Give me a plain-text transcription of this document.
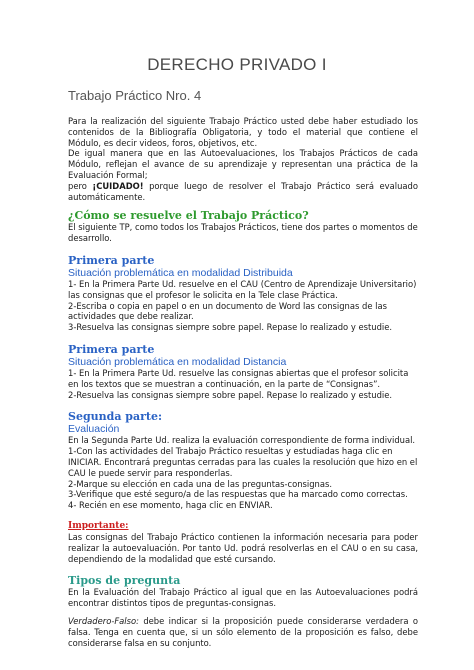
DERECHO PRIVADO I
Trabajo Práctico Nro. 4

Para la realización del siguiente Trabajo Práctico usted debe haber estudiado los contenidos de la Bibliografía Obligatoria, y todo el material que contiene el Módulo, es decir videos, foros, objetivos, etc.

De igual manera que en las Autoevaluaciones, los Trabajos Prácticos de cada Módulo, reflejan el avance de su aprendizaje y representan una práctica de la Evaluación Formal;

pero ¡CUIDADO! porque luego de resolver el Trabajo Práctico será evaluado automáticamente.

¿Cómo se resuelve el Trabajo Práctico?

El siguiente TP, como todos los Trabajos Prácticos, tiene dos partes o momentos de desarrollo.

Primera parte

Situación problemática en modalidad Distribuida

1- En la Primera Parte Ud. resuelve en el CAU (Centro de Aprendizaje Universitario) las consignas que el profesor le solicita en la Tele clase Práctica.

2-Escriba o copia en papel o en un documento de Word las consignas de las actividades que debe realizar.

3-Resuelva las consignas siempre sobre papel. Repase lo realizado y estudie.

Primera parte

Situación problemática en modalidad Distancia

1- En la Primera Parte Ud. resuelve las consignas abiertas que el profesor solicita en los textos que se muestran a continuación, en la parte de “Consignas”.

2-Resuelva las consignas siempre sobre papel. Repase lo realizado y estudie.

Segunda parte:

Evaluación

En la Segunda Parte Ud. realiza la evaluación correspondiente de forma individual.

1-Con las actividades del Trabajo Práctico resueltas y estudiadas haga clic en INICIAR. Encontrará preguntas cerradas para las cuales la resolución que hizo en el CAU le puede servir para responderlas.

2-Marque su elección en cada una de las preguntas-consignas.

3-Verifique que esté seguro/a de las respuestas que ha marcado como correctas.

4- Recién en ese momento, haga clic en ENVIAR.

Importante:

Las consignas del Trabajo Práctico contienen la información necesaria para poder realizar la autoevaluación. Por tanto Ud. podrá resolverlas en el CAU o en su casa, dependiendo de la modalidad que esté cursando.

Tipos de pregunta

En la Evaluación del Trabajo Práctico al igual que en las Autoevaluaciones podrá encontrar distintos tipos de preguntas-consignas.

Verdadero-Falso: debe indicar si la proposición puede considerarse verdadera o falsa. Tenga en cuenta que, si un sólo elemento de la proposición es falso, debe considerarse falsa en su conjunto.
